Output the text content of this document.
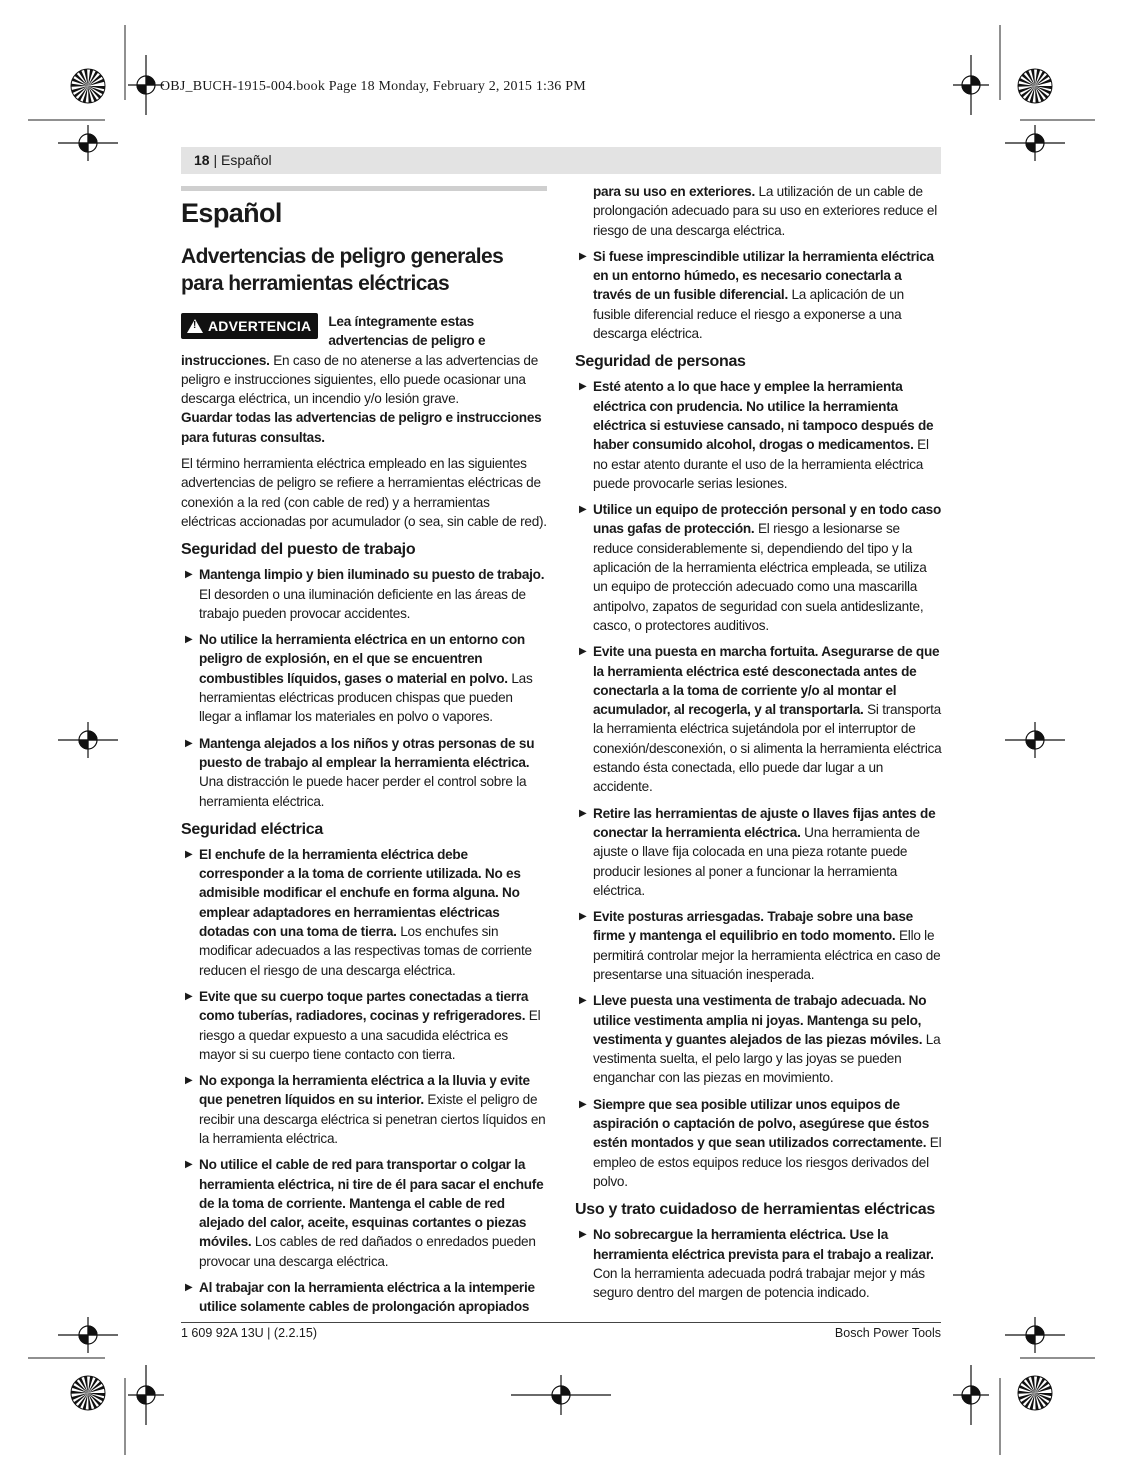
OBJ_BUCH-1915-004.book Page 18 Monday, February 2, 2015 1:36 PM
18 | Español
Español
Advertencias de peligro generales para herramientas eléctricas

!ADVERTENCIA	Lea íntegramente estas advertencias de peligro e instrucciones. En caso de no atenerse a las advertencias de peligro e instrucciones siguientes, ello puede ocasionar una descarga eléctrica, un incendio y/o lesión grave.

Guardar todas las advertencias de peligro e instrucciones para futuras consultas.

El término herramienta eléctrica empleado en las siguientes advertencias de peligro se refiere a herramientas eléctricas de conexión a la red (con cable de red) y a herramientas eléctricas accionadas por acumulador (o sea, sin cable de red).

Seguridad del puesto de trabajo
▶ Mantenga limpio y bien iluminado su puesto de trabajo. El desorden o una iluminación deficiente en las áreas de trabajo pueden provocar accidentes.
▶ No utilice la herramienta eléctrica en un entorno con peligro de explosión, en el que se encuentren combustibles líquidos, gases o material en polvo. Las herramientas eléctricas producen chispas que pueden llegar a inflamar los materiales en polvo o vapores.
▶ Mantenga alejados a los niños y otras personas de su puesto de trabajo al emplear la herramienta eléctrica. Una distracción le puede hacer perder el control sobre la herramienta eléctrica.
Seguridad eléctrica
▶ El enchufe de la herramienta eléctrica debe corresponder a la toma de corriente utilizada. No es admisible modificar el enchufe en forma alguna. No emplear adaptadores en herramientas eléctricas dotadas con una toma de tierra. Los enchufes sin modificar adecuados a las respectivas tomas de corriente reducen el riesgo de una descarga eléctrica.
▶ Evite que su cuerpo toque partes conectadas a tierra como tuberías, radiadores, cocinas y refrigeradores. El riesgo a quedar expuesto a una sacudida eléctrica es mayor si su cuerpo tiene contacto con tierra.
▶ No exponga la herramienta eléctrica a la lluvia y evite que penetren líquidos en su interior. Existe el peligro de recibir una descarga eléctrica si penetran ciertos líquidos en la herramienta eléctrica.
▶ No utilice el cable de red para transportar o colgar la herramienta eléctrica, ni tire de él para sacar el enchufe de la toma de corriente. Mantenga el cable de red alejado del calor, aceite, esquinas cortantes o piezas móviles. Los cables de red dañados o enredados pueden provocar una descarga eléctrica.
▶ Al trabajar con la herramienta eléctrica a la intemperie utilice solamente cables de prolongación apropiados
para su uso en exteriores. La utilización de un cable de prolongación adecuado para su uso en exteriores reduce el riesgo de una descarga eléctrica.
▶ Si fuese imprescindible utilizar la herramienta eléctrica en un entorno húmedo, es necesario conectarla a través de un fusible diferencial. La aplicación de un fusible diferencial reduce el riesgo a exponerse a una descarga eléctrica.
Seguridad de personas
▶ Esté atento a lo que hace y emplee la herramienta eléctrica con prudencia. No utilice la herramienta eléctrica si estuviese cansado, ni tampoco después de haber consumido alcohol, drogas o medicamentos. El no estar atento durante el uso de la herramienta eléctrica puede provocarle serias lesiones.
▶ Utilice un equipo de protección personal y en todo caso unas gafas de protección. El riesgo a lesionarse se reduce considerablemente si, dependiendo del tipo y la aplicación de la herramienta eléctrica empleada, se utiliza un equipo de protección adecuado como una mascarilla antipolvo, zapatos de seguridad con suela antideslizante, casco, o protectores auditivos.
▶ Evite una puesta en marcha fortuita. Asegurarse de que la herramienta eléctrica esté desconectada antes de conectarla a la toma de corriente y/o al montar el acumulador, al recogerla, y al transportarla. Si transporta la herramienta eléctrica sujetándola por el interruptor de conexión/desconexión, o si alimenta la herramienta eléctrica estando ésta conectada, ello puede dar lugar a un accidente.
▶ Retire las herramientas de ajuste o llaves fijas antes de conectar la herramienta eléctrica. Una herramienta de ajuste o llave fija colocada en una pieza rotante puede producir lesiones al poner a funcionar la herramienta eléctrica.
▶ Evite posturas arriesgadas. Trabaje sobre una base firme y mantenga el equilibrio en todo momento. Ello le permitirá controlar mejor la herramienta eléctrica en caso de presentarse una situación inesperada.
▶ Lleve puesta una vestimenta de trabajo adecuada. No utilice vestimenta amplia ni joyas. Mantenga su pelo, vestimenta y guantes alejados de las piezas móviles. La vestimenta suelta, el pelo largo y las joyas se pueden enganchar con las piezas en movimiento.
▶ Siempre que sea posible utilizar unos equipos de aspiración o captación de polvo, asegúrese que éstos estén montados y que sean utilizados correctamente. El empleo de estos equipos reduce los riesgos derivados del polvo.
Uso y trato cuidadoso de herramientas eléctricas
▶ No sobrecargue la herramienta eléctrica. Use la herramienta eléctrica prevista para el trabajo a realizar. Con la herramienta adecuada podrá trabajar mejor y más seguro dentro del margen de potencia indicado.
1 609 92A 13U | (2.2.15)	Bosch Power Tools
